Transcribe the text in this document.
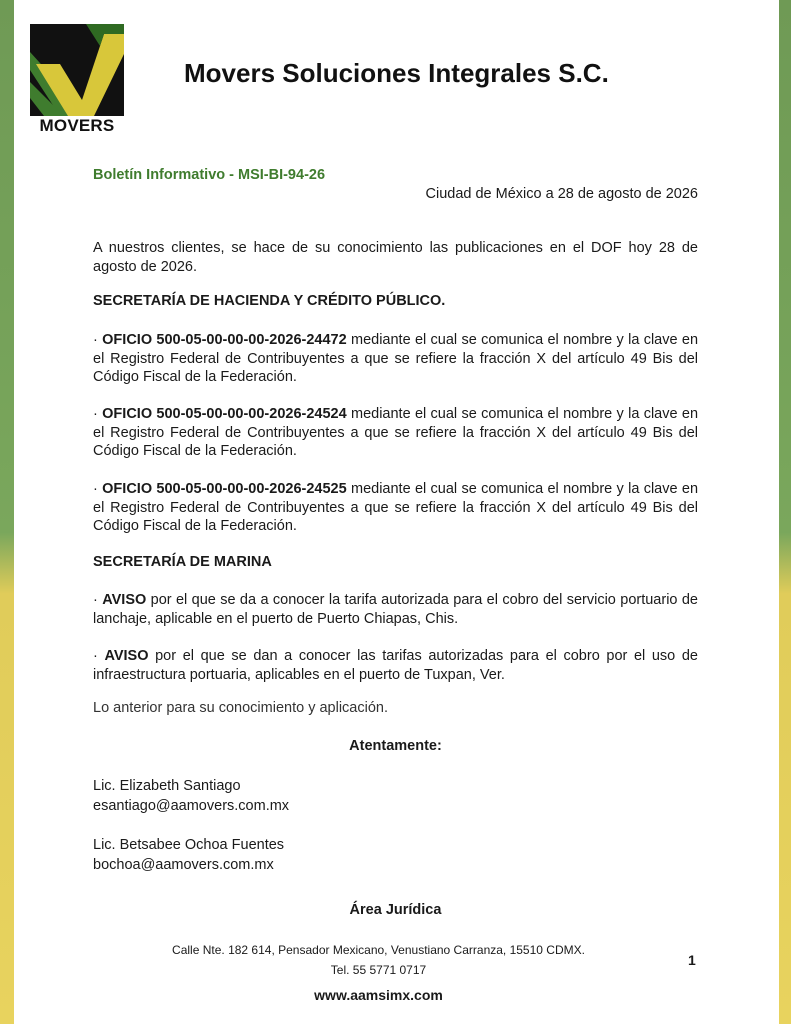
MOVERS
Movers Soluciones Integrales S.C.
Boletín Informativo - MSI-BI-94-26
Ciudad de México a 28 de agosto de 2026
A nuestros clientes, se hace de su conocimiento las publicaciones en el DOF hoy 28 de agosto de 2026.
SECRETARÍA DE HACIENDA Y CRÉDITO PÚBLICO.
· OFICIO 500-05-00-00-00-2026-24472 mediante el cual se comunica el nombre y la clave en el Registro Federal de Contribuyentes a que se refiere la fracción X del artículo 49 Bis del Código Fiscal de la Federación.
· OFICIO 500-05-00-00-00-2026-24524 mediante el cual se comunica el nombre y la clave en el Registro Federal de Contribuyentes a que se refiere la fracción X del artículo 49 Bis del Código Fiscal de la Federación.
· OFICIO 500-05-00-00-00-2026-24525 mediante el cual se comunica el nombre y la clave en el Registro Federal de Contribuyentes a que se refiere la fracción X del artículo 49 Bis del Código Fiscal de la Federación.
SECRETARÍA DE MARINA
· AVISO por el que se da a conocer la tarifa autorizada para el cobro del servicio portuario de lanchaje, aplicable en el puerto de Puerto Chiapas, Chis.
· AVISO por el que se dan a conocer las tarifas autorizadas para el cobro por el uso de infraestructura portuaria, aplicables en el puerto de Tuxpan, Ver.
Lo anterior para su conocimiento y aplicación.
Atentamente:
Lic. Elizabeth Santiago
esantiago@aamovers.com.mx
Lic. Betsabee Ochoa Fuentes
bochoa@aamovers.com.mx
Área Jurídica
Calle Nte. 182 614, Pensador Mexicano, Venustiano Carranza, 15510 CDMX.
Tel. 55 5771 0717
www.aamsimx.com
1
